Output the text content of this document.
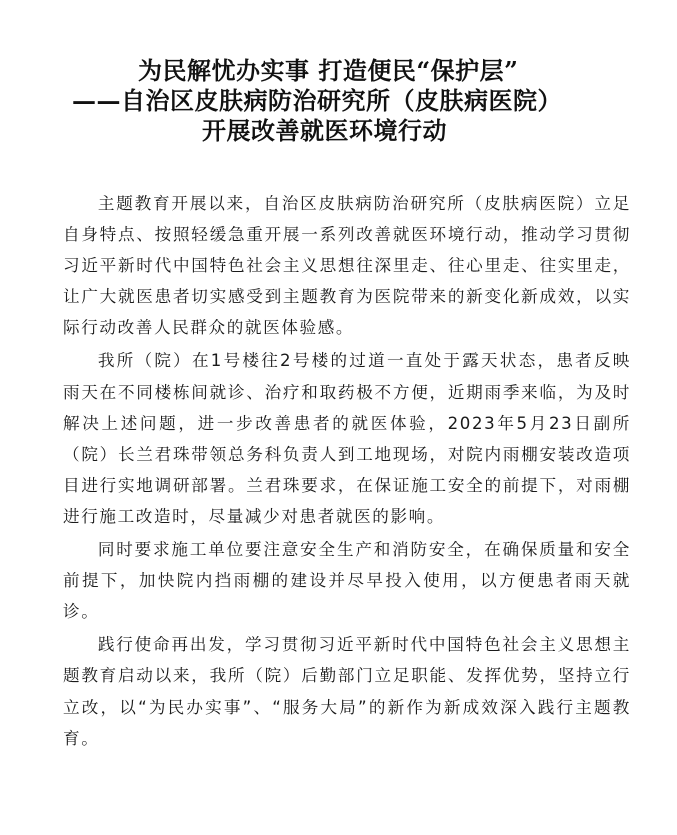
为民解忧办实事 打造便民“保护层”
——自治区皮肤病防治研究所（皮肤病医院）
开展改善就医环境行动

主题教育开展以来，自治区皮肤病防治研究所（皮肤病医院）立足自身特点、按照轻缓急重开展一系列改善就医环境行动，推动学习贯彻习近平新时代中国特色社会主义思想往深里走、往心里走、往实里走，让广大就医患者切实感受到主题教育为医院带来的新变化新成效，以实际行动改善人民群众的就医体验感。

我所（院）在1号楼往2号楼的过道一直处于露天状态，患者反映雨天在不同楼栋间就诊、治疗和取药极不方便，近期雨季来临，为及时解决上述问题，进一步改善患者的就医体验，2023年5月23日副所（院）长兰君珠带领总务科负责人到工地现场，对院内雨棚安装改造项目进行实地调研部署。兰君珠要求，在保证施工安全的前提下，对雨棚进行施工改造时，尽量减少对患者就医的影响。

同时要求施工单位要注意安全生产和消防安全，在确保质量和安全前提下，加快院内挡雨棚的建设并尽早投入使用，以方便患者雨天就诊。

践行使命再出发，学习贯彻习近平新时代中国特色社会主义思想主题教育启动以来，我所（院）后勤部门立足职能、发挥优势，坚持立行立改，以“为民办实事”、“服务大局”的新作为新成效深入践行主题教育。
